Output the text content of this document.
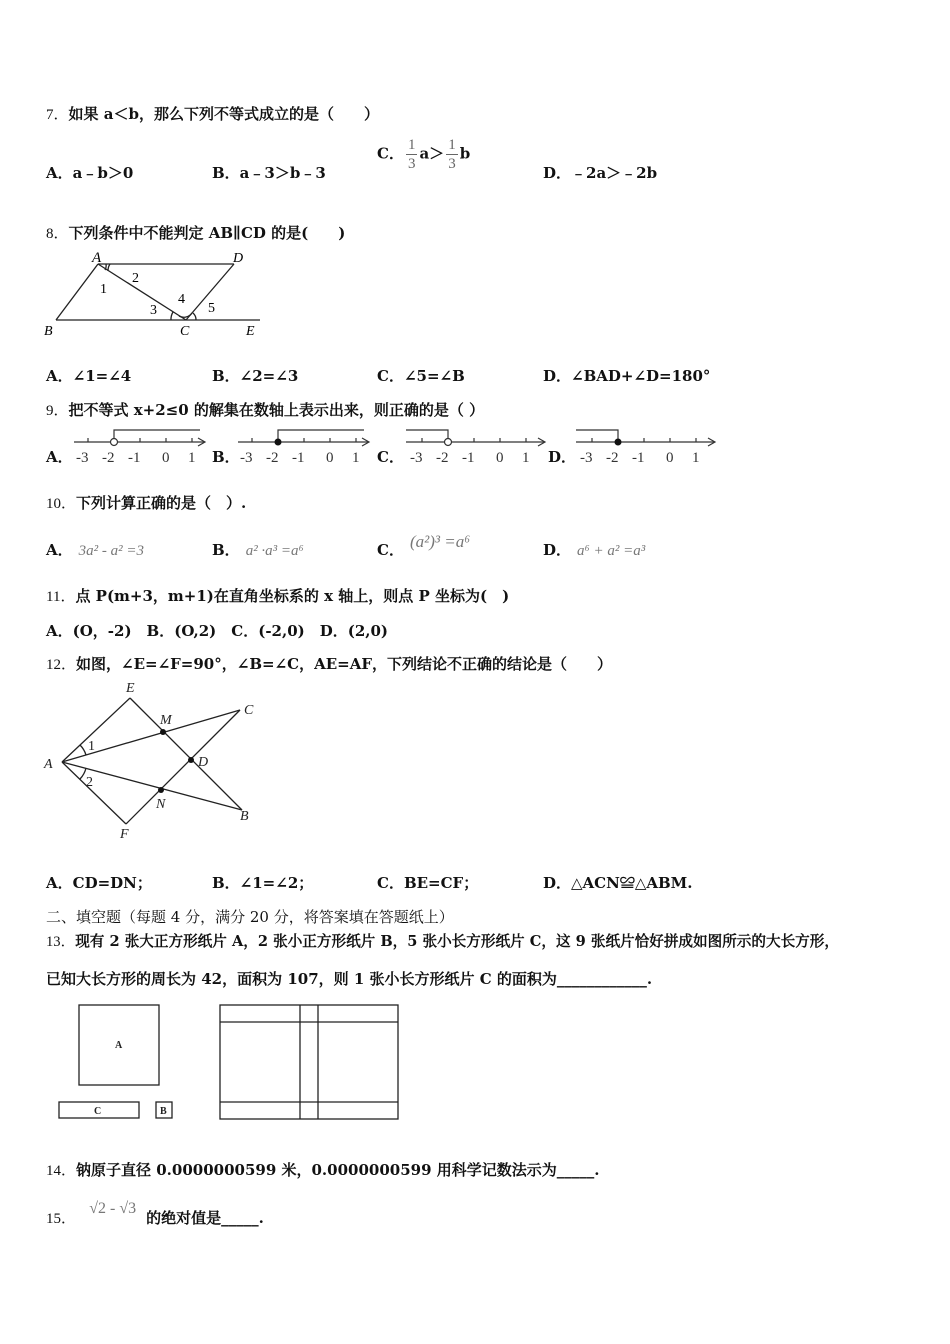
7．如果 a＜b，那么下列不等式成立的是（　　）
A．a﹣b＞0	B．a﹣3＞b﹣3
C． $\frac{1}{3} a> \frac{1}{3}$ b
D．﹣2a＞﹣2b
8．下列条件中不能判定 AB∥CD 的是(　　)
A	D
B	C	E
1
2
3
4
5
A．∠1=∠4	B．∠2=∠3	C．∠5=∠B	D．∠BAD+∠D=180°
9．把不等式 x+2≤0 的解集在数轴上表示出来，则正确的是（ ）
A． -3 -2 -1 0 1 B． -3 -2 -1 0 1 C． -3 -2 -1 0 1 D． -3 -2 -1 0 1
10．下列计算正确的是（　）.
A． 3a² - a² =3	B． a² ·a³ =a⁶	C． (a²)³ =a⁶	D． a⁶ + a² =a³
11．点 P(m+3，m+1)在直角坐标系的 x 轴上，则点 P 坐标为(　)
A．(O，-2)　B．(O,2)　C．(-2,0)　D．(2,0)
12．如图，∠E=∠F=90°，∠B=∠C，AE=AF，下列结论不正确的结论是（　　）
E
M
C
A
1
D
2
N
B
F
A．CD=DN；	B．∠1=∠2；	C．BE=CF；	D．△ACN≌△ABM.
二、填空题（每题 4 分，满分 20 分，将答案填在答题纸上）
13．现有 2 张大正方形纸片 A，2 张小正方形纸片 B，5 张小长方形纸片 C，这 9 张纸片恰好拼成如图所示的大长方形，
已知大长方形的周长为 42，面积为 107，则 1 张小长方形纸片 C 的面积为____________.
A
C	B
14．钠原子直径 0.0000000599 米，0.0000000599 用科学记数法示为_____.
15． √2 - √3的绝对值是_____.
